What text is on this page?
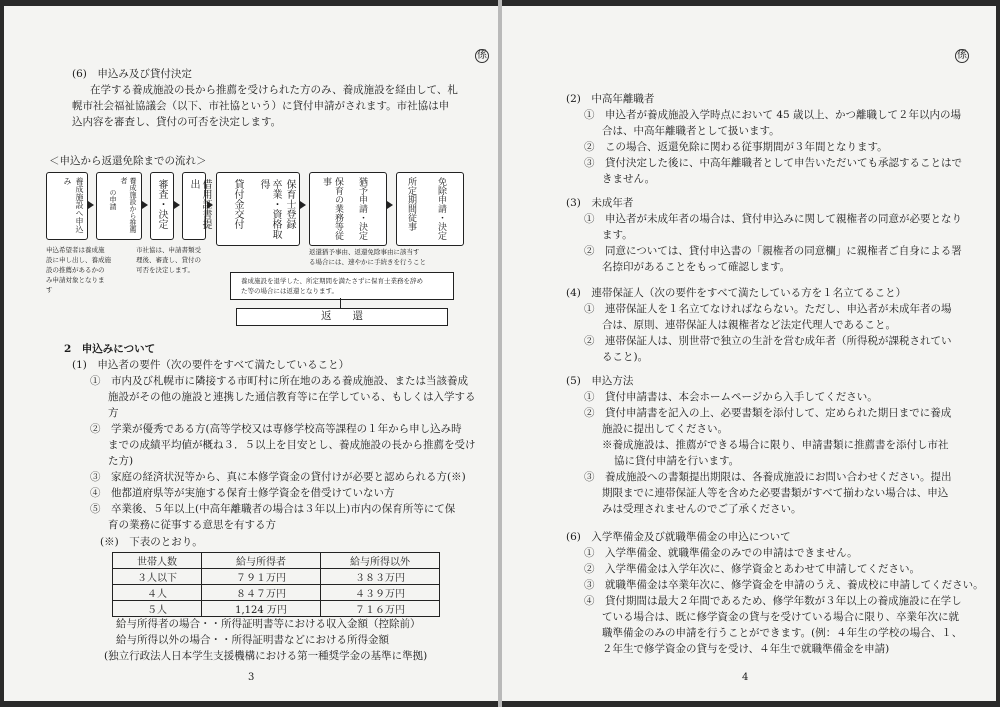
係
(6)　申込み及び貸付決定
在学する養成施設の長から推薦を受けられた方のみ、養成施設を経由して、札
幌市社会福祉協議会（以下、市社協という）に貸付申請がされます。市社協は申
込内容を審査し、貸付の可否を決定します。
＜申込から返還免除までの流れ＞
養成施設へ申込み	養成施設から推薦者
の申請	審査・決定	借用証書提出	貸付金交付	卒業・資格取得	保育士登録	保育の業務等従事	猶予申請・決定	所定期間従事 免除申請・決定
申込希望者は養成施
設に申し出し、養成施
設の推薦があるかの
み申請対象となりま
す
市社協は、申請書類受
理後、審査し、貸付の
可否を決定します。
返還猶予事由、返還免除事由に該当す
る場合には、速やかに手続きを行うこと
養成施設を退学した、所定期間を満たさずに保育士業務を辞め
た等の場合には返還となります。
返　　還
2　申込みについて
(1)　申込者の要件（次の要件をすべて満たしていること）
①　市内及び札幌市に隣接する市町村に所在地のある養成施設、または当該養成
施設がその他の施設と連携した通信教育等に在学している、もしくは入学する
方
②　学業が優秀である方(高等学校又は専修学校高等課程の１年から申し込み時
までの成績平均値が概ね３．５以上を目安とし、養成施設の長から推薦を受け
た方)
③　家庭の経済状況等から、真に本修学資金の貸付けが必要と認められる方(※)
④　他都道府県等が実施する保育士修学資金を借受けていない方
⑤　卒業後、５年以上(中高年離職者の場合は３年以上)市内の保育所等にて保
育の業務に従事する意思を有する方
(※)　下表のとおり。
世帯人数	給与所得者	給与所得以外
３人以下	７９１万円	３８３万円
４人	８４７万円	４３９万円
５人	1,124 万円	７１６万円
給与所得者の場合・・所得証明書等における収入金額（控除前）
給与所得以外の場合・・所得証明書などにおける所得金額
(独立行政法人日本学生支援機構における第一種奨学金の基準に準拠)
3
係
(2)　中高年離職者
①　申込者が養成施設入学時点において 45 歳以上、かつ離職して２年以内の場
合は、中高年離職者として扱います。
②　この場合、返還免除に関わる従事期間が３年間となります。
③　貸付決定した後に、中高年離職者として申告いただいても承認することはで
きません。
(3)　未成年者
①　申込者が未成年者の場合は、貸付申込みに関して親権者の同意が必要となり
ます。
②　同意については、貸付申込書の「親権者の同意欄」に親権者ご自身による署
名捺印があることをもって確認します。
(4)　連帯保証人（次の要件をすべて満たしている方を１名立てること）
①　連帯保証人を１名立てなければならない。ただし、申込者が未成年者の場
合は、原則、連帯保証人は親権者など法定代理人であること。
②　連帯保証人は、別世帯で独立の生計を営む成年者（所得税が課税されてい
ること)。
(5)　申込方法
①　貸付申請書は、本会ホームページから入手してください。
②　貸付申請書を記入の上、必要書類を添付して、定められた期日までに養成
施設に提出してください。
※養成施設は、推薦ができる場合に限り、申請書類に推薦書を添付し市社
協に貸付申請を行います。
③　養成施設への書類提出期限は、各養成施設にお問い合わせください。提出
期限までに連帯保証人等を含めた必要書類がすべて揃わない場合は、申込
みは受理されませんのでご了承ください。
(6)　入学準備金及び就職準備金の申込について
①　入学準備金、就職準備金のみでの申請はできません。
②　入学準備金は入学年次に、修学資金とあわせて申請してください。
③　就職準備金は卒業年次に、修学資金を申請のうえ、養成校に申請してください。
④　貸付期間は最大２年間であるため、修学年数が３年以上の養成施設に在学し
ている場合は、既に修学資金の貸与を受けている場合に限り、卒業年次に就
職準備金のみの申請を行うことができます。(例：４年生の学校の場合、１、
２年生で修学資金の貸与を受け、４年生で就職準備金を申請)
4
